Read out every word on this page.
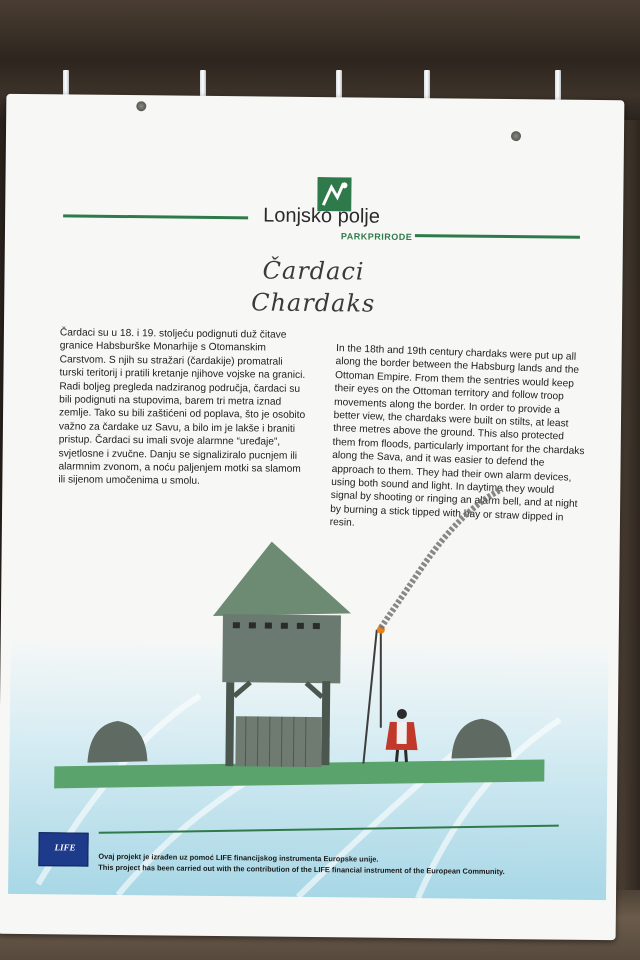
Lonjsko polje
PARKPRIRODE
Čardaci
Chardaks
Čardaci su u 18. i 19. stoljeću podignuti duž čitave granice Habsburške Monarhije s Otomanskim Carstvom. S njih su stražari (čardakije) promatrali turski teritorij i pratili kretanje njihove vojske na granici. Radi boljeg pregleda nadziranog područja, čardaci su bili podignuti na stupovima, barem tri metra iznad zemlje. Tako su bili zaštićeni od poplava, što je osobito važno za čardake uz Savu, a bilo im je lakše i braniti pristup. Čardaci su imali svoje alarmne “uređaje”, svjetlosne i zvučne. Danju se signaliziralo pucnjem ili alarmnim zvonom, a noću paljenjem motki sa slamom ili sijenom umočenima u smolu.
In the 18th and 19th century chardaks were put up all along the border between the Habsburg lands and the Ottoman Empire. From them the sentries would keep their eyes on the Ottoman territory and follow troop movements along the border. In order to provide a better view, the chardaks were built on stilts, at least three metres above the ground. This also protected them from floods, particularly important for the chardaks along the Sava, and it was easier to defend the approach to them. They had their own alarm devices, using both sound and light. In daytime they would signal by shooting or ringing an alarm bell, and at night by burning a stick tipped with hay or straw dipped in resin.
LIFE
Ovaj projekt je izrađen uz pomoć LIFE financijskog instrumenta Europske unije.
This project has been carried out with the contribution of the LIFE financial instrument of the European Community.
